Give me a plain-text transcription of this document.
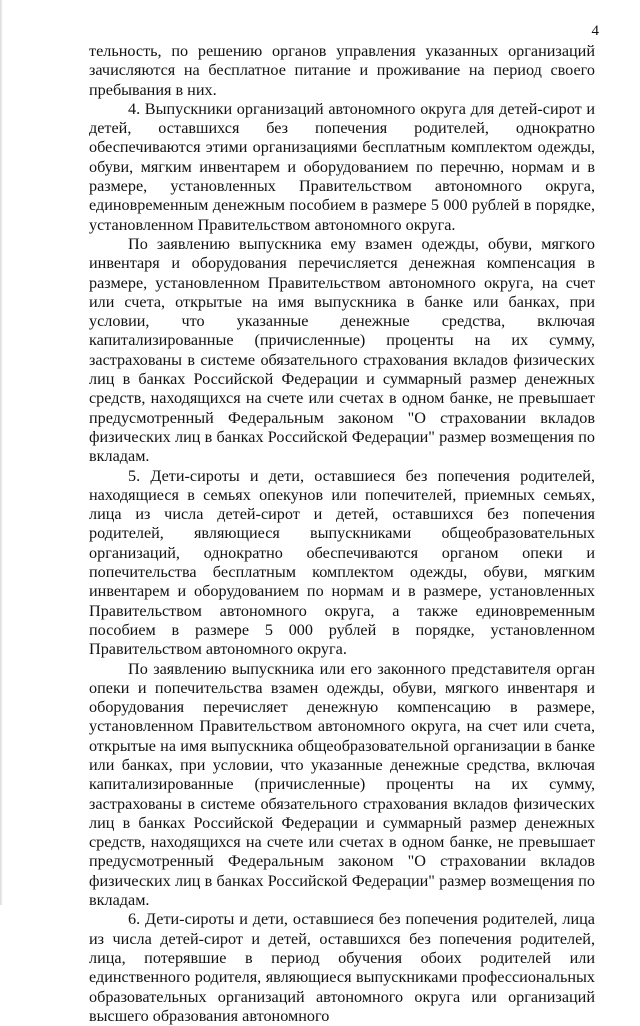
4

тельность, по решению органов управления указанных организаций зачисляются на бесплатное питание и проживание на период своего пребывания в них.

4. Выпускники организаций автономного округа для детей-сирот и детей, оставшихся без попечения родителей, однократно обеспечиваются этими организациями бесплатным комплектом одежды, обуви, мягким инвентарем и оборудованием по перечню, нормам и в размере, установленных Правительством автономного округа, единовременным денежным пособием в размере 5 000 рублей в порядке, установленном Правительством автономного округа.

По заявлению выпускника ему взамен одежды, обуви, мягкого инвентаря и оборудования перечисляется денежная компенсация в размере, установленном Правительством автономного округа, на счет или счета, открытые на имя выпускника в банке или банках, при условии, что указанные денежные средства, включая капитализированные (причисленные) проценты на их сумму, застрахованы в системе обязательного страхования вкладов физических лиц в банках Российской Федерации и суммарный размер денежных средств, находящихся на счете или счетах в одном банке, не превышает предусмотренный Федеральным законом "О страховании вкладов физических лиц в банках Российской Федерации" размер возмещения по вкладам.

5. Дети-сироты и дети, оставшиеся без попечения родителей, находящиеся в семьях опекунов или попечителей, приемных семьях, лица из числа детей-сирот и детей, оставшихся без попечения родителей, являющиеся выпускниками общеобразовательных организаций, однократно обеспечиваются органом опеки и попечительства бесплатным комплектом одежды, обуви, мягким инвентарем и оборудованием по нормам и в размере, установленных Правительством автономного округа, а также единовременным пособием в размере 5 000 рублей в порядке, установленном Правительством автономного округа.

По заявлению выпускника или его законного представителя орган опеки и попечительства взамен одежды, обуви, мягкого инвентаря и оборудования перечисляет денежную компенсацию в размере, установленном Правительством автономного округа, на счет или счета, открытые на имя выпускника общеобразовательной организации в банке или банках, при условии, что указанные денежные средства, включая капитализированные (причисленные) проценты на их сумму, застрахованы в системе обязательного страхования вкладов физических лиц в банках Российской Федерации и суммарный размер денежных средств, находящихся на счете или счетах в одном банке, не превышает предусмотренный Федеральным законом "О страховании вкладов физических лиц в банках Российской Федерации" размер возмещения по вкладам.

6. Дети-сироты и дети, оставшиеся без попечения родителей, лица из числа детей-сирот и детей, оставшихся без попечения родителей, лица, потерявшие в период обучения обоих родителей или единственного родителя, являющиеся выпускниками профессиональных образовательных организаций автономного округа или организаций высшего образования автономного
